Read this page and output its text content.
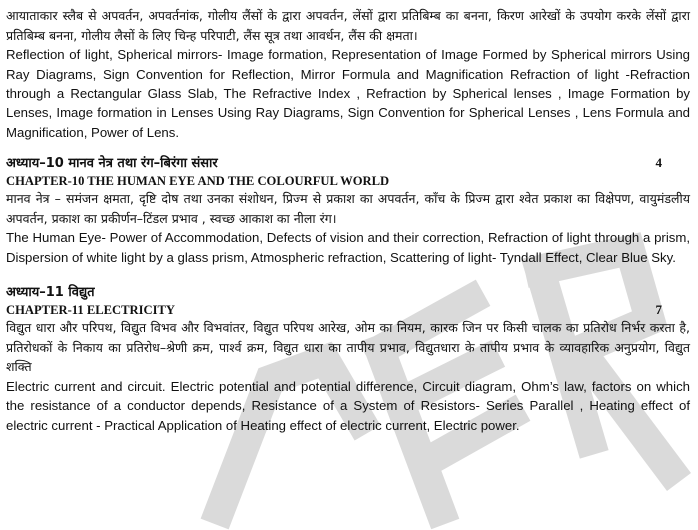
आयाताकार स्लैब से अपवर्तन, अपवर्तनांक, गोलीय लैंसों के द्वारा अपवर्तन, लेंसों द्वारा प्रतिबिम्ब का बनना, किरण आरेखों के उपयोग करके लेंसों द्वारा प्रतिबिम्ब बनना, गोलीय लैसों के लिए चिन्ह परिपाटी, लैंस सूत्र तथा आवर्धन, लैंस की क्षमता।

Reflection of light, Spherical mirrors- Image formation, Representation of Image Formed by Spherical mirrors Using Ray Diagrams, Sign Convention for Reflection, Mirror Formula and Magnification Refraction of light -Refraction through a Rectangular Glass Slab, The Refractive Index , Refraction by Spherical lenses , Image Formation by Lenses, Image formation in Lenses Using Ray Diagrams, Sign Convention for Spherical Lenses , Lens Formula and Magnification, Power of Lens.

अध्याय–10 मानव नेत्र तथा रंग–बिरंगा संसार	4
CHAPTER-10 THE HUMAN EYE AND THE COLOURFUL WORLD

मानव नेत्र – समंजन क्षमता, दृष्टि दोष तथा उनका संशोधन, प्रिज्म से प्रकाश का अपवर्तन, काँच के प्रिज्म द्वारा श्वेत प्रकाश का विक्षेपण, वायुमंडलीय अपवर्तन, प्रकाश का प्रकीर्णन–टिंडल प्रभाव , स्वच्छ आकाश का नीला रंग।

The Human Eye- Power of Accommodation, Defects of vision and their correction, Refraction of light through a prism, Dispersion of white light by a glass prism, Atmospheric refraction, Scattering of light- Tyndall Effect, Clear Blue Sky.

अध्याय–11 विद्युत
CHAPTER-11 ELECTRICITY	7

विद्युत धारा और परिपथ, विद्युत विभव और विभवांतर, विद्युत परिपथ आरेख, ओम का नियम, कारक जिन पर किसी चालक का प्रतिरोध निर्भर करता है, प्रतिरोधकों के निकाय का प्रतिरोध–श्रेणी क्रम, पार्श्व क्रम, विद्युत धारा का तापीय प्रभाव, विद्युतधारा के तापीय प्रभाव के व्यावहारिक अनुप्रयोग, विद्युत शक्ति

Electric current and circuit. Electric potential and potential difference, Circuit diagram, Ohm’s law, factors on which the resistance of a conductor depends, Resistance of a System of Resistors- Series Parallel , Heating effect of electric current - Practical Application of Heating effect of electric current, Electric power.
